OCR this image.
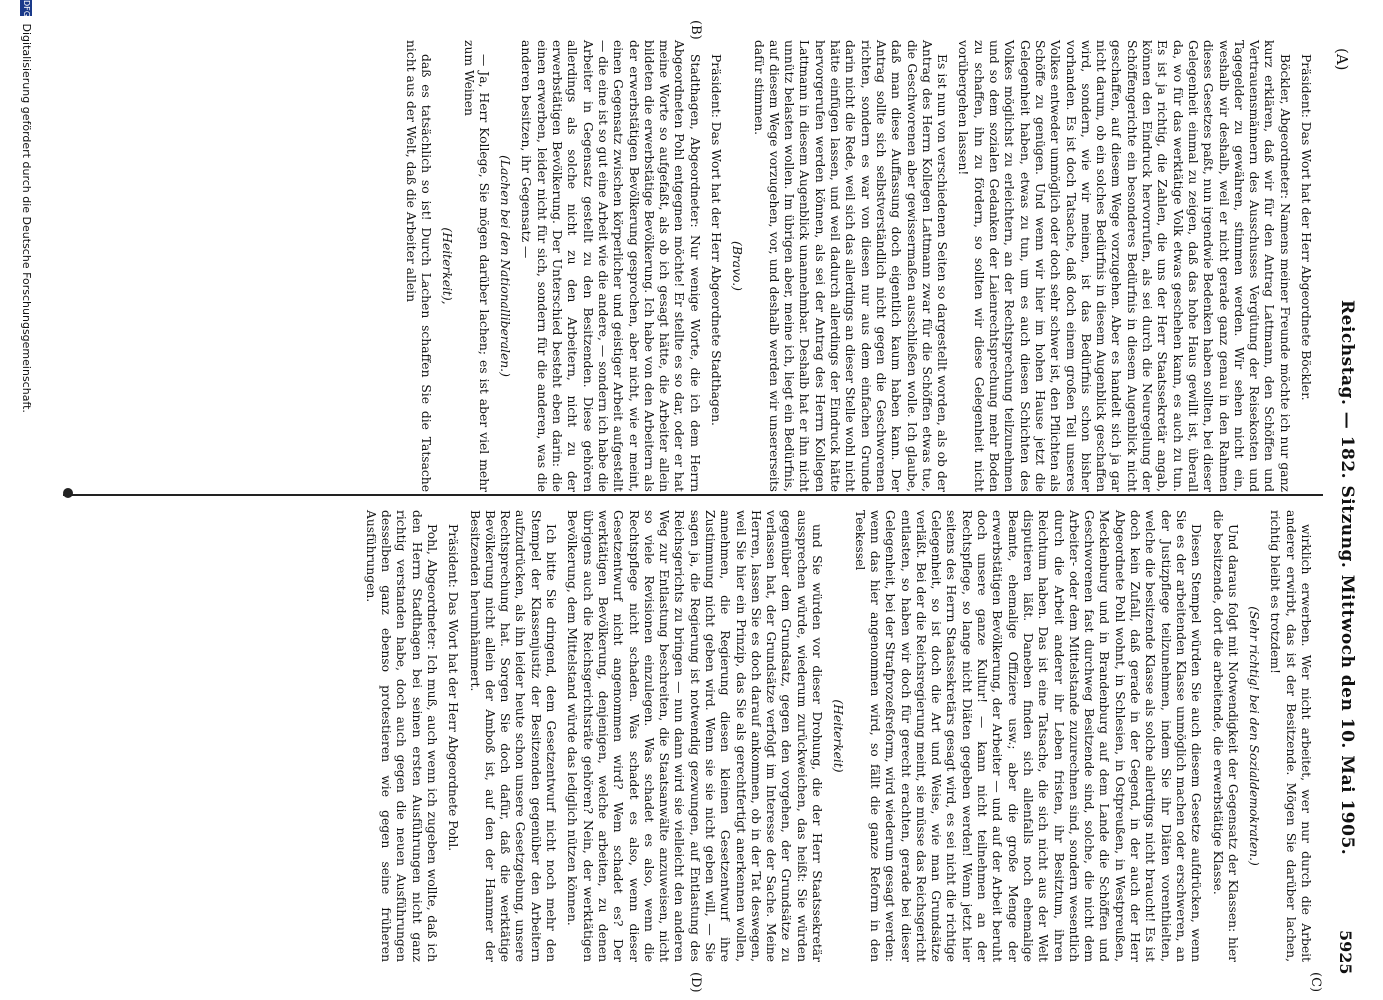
(A)
Reichstag. — 182. Sitzung. Mittwoch den 10. Mai 1905.
5925
(C)
(B)
(D)

Präsident: Das Wort hat der Herr Abgeordnete Böckler.

Böckler, Abgeordneter: Namens meiner Freunde möchte ich nur ganz kurz erklären, daß wir für den Antrag Lattmann, den Schöffen und Vertrauensmännern des Ausschusses Vergütung der Reisekosten und Tagegelder zu gewähren, stimmen werden. Wir sehen nicht ein, weshalb wir deshalb, weil er nicht gerade ganz genau in den Rahmen dieses Gesetzes paßt, nun irgendwie Bedenken haben sollten, bei dieser Gelegenheit einmal zu zeigen, daß das hohe Haus gewillt ist, überall da, wo für das werktätige Volk etwas geschehen kann, es auch zu tun. Es ist ja richtig, die Zahlen, die uns der Herr Staatssekretär angab, können den Eindruck hervorrufen, als sei durch die Neuregelung der Schöffengerichte ein besonderes Bedürfnis in diesem Augenblick nicht geschaffen, auf diesem Wege vorzugehen. Aber es handelt sich ja gar nicht darum, ob ein solches Bedürfnis in diesem Augenblick geschaffen wird, sondern, wie wir meinen, ist das Bedürfnis schon bisher vorhanden. Es ist doch Tatsache, daß doch einem großen Teil unseres Volkes entweder unmöglich oder doch sehr schwer ist, den Pflichten als Schöffe zu genügen. Und wenn wir hier im hohen Hause jetzt die Gelegenheit haben, etwas zu tun, um es auch diesen Schichten des Volkes möglichst zu erleichtern, an der Rechtsprechung teilzunehmen und so dem sozialen Gedanken der Laienrechtsprechung mehr Boden zu schaffen, ihn zu fördern, so sollten wir diese Gelegenheit nicht vorübergehen lassen!

Es ist nun von verschiedenen Seiten so dargestellt worden, als ob der Antrag des Herrn Kollegen Lattmann zwar für die Schöffen etwas tue, die Geschworenen aber gewissermaßen ausschließen wolle. Ich glaube, daß man diese Auffassung doch eigentlich kaum haben kann. Der Antrag sollte sich selbstverständlich nicht gegen die Geschworenen richten, sondern es war von diesen nur aus dem einfachen Grunde darin nicht die Rede, weil sich das allerdings an dieser Stelle wohl nicht hätte einfügen lassen, und weil dadurch allerdings der Eindruck hätte hervorgerufen werden können, als sei der Antrag des Herrn Kollegen Lattmann in diesem Augenblick unannehmbar. Deshalb hat er ihn nicht unnütz belasten wollen. Im übrigen aber, meine ich, liegt ein Bedürfnis, auf diesem Wege vorzugehen, vor, und deshalb werden wir unsererseits dafür stimmen.

(Bravo.)

Präsident: Das Wort hat der Herr Abgeordnete Stadthagen.

Stadthagen, Abgeordneter: Nur wenige Worte, die ich dem Herrn Abgeordneten Pohl entgegnen möchte! Er stellte es so dar, oder er hat meine Worte so aufgefaßt, als ob ich gesagt hätte, die Arbeiter allein bildeten die erwerbstätige Bevölkerung. Ich habe von den Arbeitern als der erwerbstätigen Bevölkerung gesprochen, aber nicht, wie er meint, einen Gegensatz zwischen körperlicher und geistiger Arbeit aufgestellt — die eine ist so gut eine Arbeit wie die andere, — sondern ich habe die Arbeiter in Gegensatz gestellt zu den Besitzenden. Diese gehören allerdings als solche nicht zu den Arbeitern, nicht zu der erwerbstätigen Bevölkerung. Der Unterschied besteht eben darin: die einen erwerben, leider nicht für sich, sondern für die anderen, was die anderen besitzen, ihr Gegensatz —

(Lachen bei den Nationalliberalen.)

— Ja, Herr Kollege, Sie mögen darüber lachen; es ist aber viel mehr zum Weinen

(Heiterkeit),

daß es tatsächlich so ist! Durch Lachen schaffen Sie die Tatsache nicht aus der Welt, daß die Arbeiter allein

wirklich erwerben. Wer nicht arbeitet, wer nur durch die Arbeit anderer erwirbt, das ist der Besitzende. Mögen Sie darüber lachen, richtig bleibt es trotzdem!

(Sehr richtig! bei den Sozialdemokraten.)

Und daraus folgt mit Notwendigkeit der Gegensatz der Klassen: hier die besitzende, dort die arbeitende, die erwerbstätige Klasse.

Diesen Stempel würden Sie auch diesem Gesetze aufdrücken, wenn Sie es der arbeitenden Klasse unmöglich machen oder erschweren, an der Justizpflege teilzunehmen, indem Sie ihr Diäten vorenthielten, welche die besitzende Klasse als solche allerdings nicht braucht! Es ist doch kein Zufall, daß gerade in der Gegend, in der auch der Herr Abgeordnete Pohl wohnt, in Schlesien, in Ostpreußen, in Westpreußen, Mecklenburg und in Brandenburg auf dem Lande die Schöffen und Geschworenen fast durchweg Besitzende sind, solche, die nicht dem Arbeiter- oder dem Mittelstande zuzurechnen sind, sondern wesentlich durch die Arbeit anderer ihr Leben fristen, ihr Besitztum, ihren Reichtum haben. Das ist eine Tatsache, die sich nicht aus der Welt disputieren läßt. Daneben finden sich allenfalls noch ehemalige Beamte, ehemalige Offiziere usw.; aber die große Menge der erwerbstätigen Bevölkerung, der Arbeiter — und auf der Arbeit beruht doch unsere ganze Kultur! — kann nicht teilnehmen an der Rechtspflege, so lange nicht Diäten gegeben werden! Wenn jetzt hier seitens des Herrn Staatssekretärs gesagt wird, es sei nicht die richtige Gelegenheit, so ist doch die Art und Weise, wie man Grundsätze verläßt. Bei der die Reichsregierung meint, sie müsse das Reichsgericht entlasten, so haben wir doch für gerecht erachten, gerade bei dieser Gelegenheit, bei der Strafprozeßreform, wird wiederum gesagt werden: wenn das hier angenommen wird, so fällt die ganze Reform in den Teekessel

(Heiterkeit)

und Sie würden vor dieser Drohung, die der Herr Staatssekretär aussprechen würde, wiederum zurückweichen, das heißt: Sie würden gegenüber dem Grundsatz, gegen den vorgehen, der Grundsätze zu verlassen hat, der Grundsätze verfolgt im Interesse der Sache. Meine Herren, lassen Sie es doch darauf ankommen, ob in der Tat deswegen, weil Sie hier ein Prinzip, das Sie als gerechtfertigt anerkennen wollen, annehmen, die Regierung diesen kleinen Gesetzentwurf ihre Zustimmung nicht geben wird. Wenn sie sie nicht geben will, — Sie sagen ja, die Regierung ist notwendig gezwungen, auf Entlastung des Reichsgerichts zu bringen — nun dann wird sie vielleicht den anderen Weg zur Entlastung beschreiten, die Staatsanwälte anzuweisen, nicht so viele Revisionen einzulegen. Was schadet es also, wenn die Rechtspflege nicht schaden. Was schadet es also, wenn dieser Gesetzentwurf nicht angenommen wird? Wem schadet es? Der werktätigen Bevölkerung, denjenigen, welche arbeiten, zu denen übrigens auch die Reichsgerichtsräte gehören? Nein, der werktätigen Bevölkerung, dem Mittelstand würde das lediglich nützen können.

Ich bitte Sie dringend, dem Gesetzentwurf nicht noch mehr den Stempel der Klassenjustiz der Besitzenden gegenüber den Arbeitern aufzudrücken, als ihn leider heute schon unsere Gesetzgebung, unsere Rechtsprechung hat. Sorgen Sie doch dafür, daß die werktätige Bevölkerung nicht allein der Amboß ist, auf den der Hammer der Besitzenden herumhämmert.

Präsident: Das Wort hat der Herr Abgeordnete Pohl.

Pohl, Abgeordneter: Ich muß, auch wenn ich zugeben wollte, daß ich den Herrn Stadthagen bei seinen ersten Ausführungen nicht ganz richtig verstanden habe, doch auch gegen die neuen Ausführungen desselben ganz ebenso protestieren wie gegen seine früheren Ausführungen.

DFG Digitalisierung gefördert durch die Deutsche Forschungsgemeinschaft.
